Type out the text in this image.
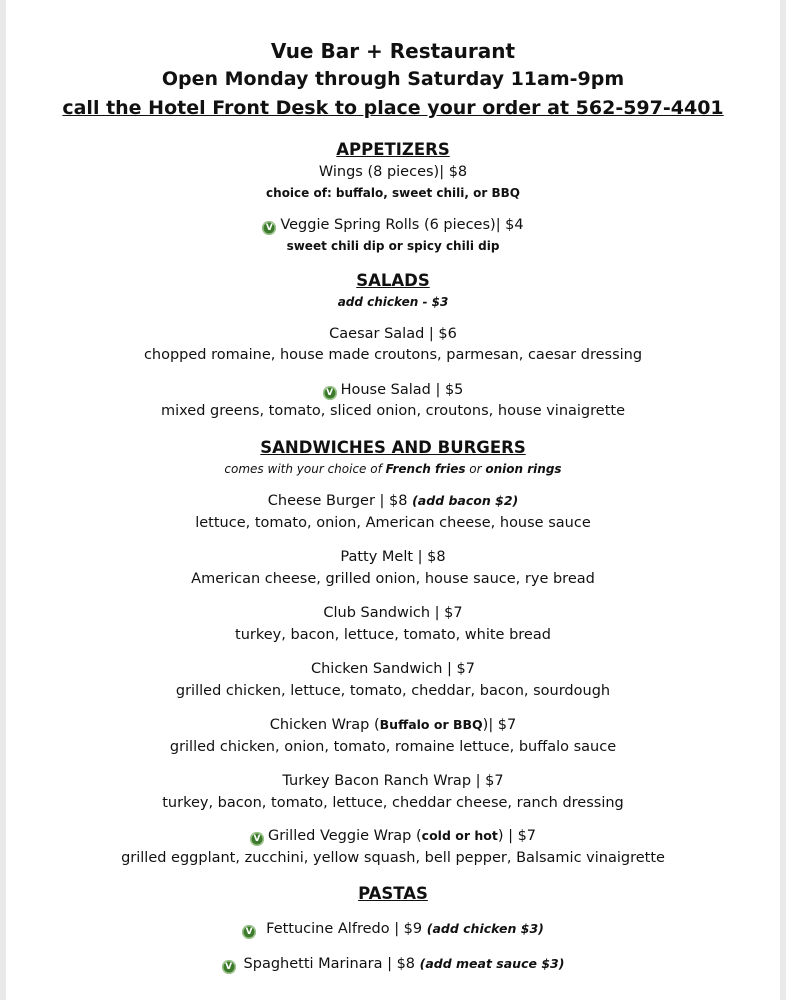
Vue Bar + Restaurant
Open Monday through Saturday 11am-9pm
call the Hotel Front Desk to place your order at 562-597-4401
APPETIZERS
Wings (8 pieces)| $8
choice of: buffalo, sweet chili, or BBQ
V Veggie Spring Rolls (6 pieces)| $4
sweet chili dip or spicy chili dip
SALADS
add chicken - $3
Caesar Salad | $6
chopped romaine, house made croutons, parmesan, caesar dressing
V House Salad | $5
mixed greens, tomato, sliced onion, croutons, house vinaigrette
SANDWICHES AND BURGERS
comes with your choice of French fries or onion rings
Cheese Burger | $8 (add bacon $2)
lettuce, tomato, onion, American cheese, house sauce
Patty Melt | $8
American cheese, grilled onion, house sauce, rye bread
Club Sandwich | $7
turkey, bacon, lettuce, tomato, white bread
Chicken Sandwich | $7
grilled chicken, lettuce, tomato, cheddar, bacon, sourdough
Chicken Wrap (Buffalo or BBQ)| $7
grilled chicken, onion, tomato, romaine lettuce, buffalo sauce
Turkey Bacon Ranch Wrap | $7
turkey, bacon, tomato, lettuce, cheddar cheese, ranch dressing
V Grilled Veggie Wrap (cold or hot) | $7
grilled eggplant, zucchini, yellow squash, bell pepper, Balsamic vinaigrette
PASTAS
V Fettucine Alfredo | $9 (add chicken $3)
V Spaghetti Marinara | $8 (add meat sauce $3)
